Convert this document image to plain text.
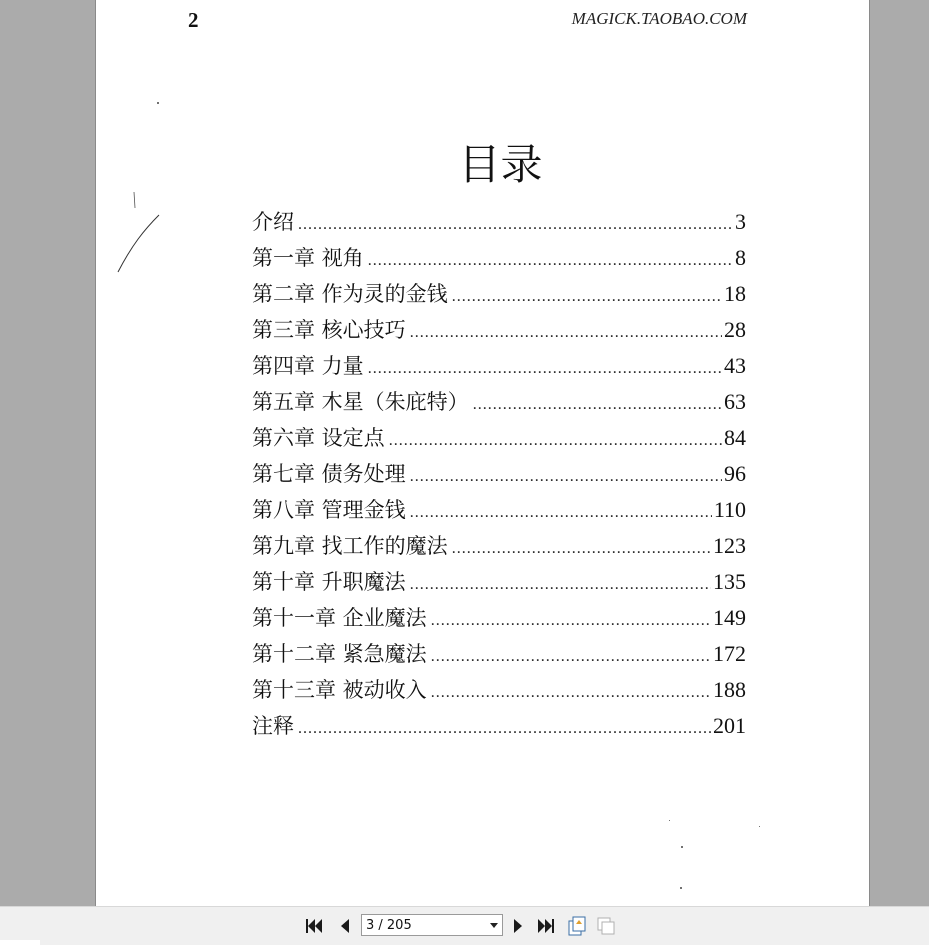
2	MAGICK.TAOBAO.COM
目录
介绍 .....	3
第一章 视角 .....	8
第二章 作为灵的金钱 .....	18
第三章 核心技巧 .....	28
第四章 力量 .....	43
第五章 木星（朱庇特） .....	63
第六章 设定点 .....	84
第七章 债务处理 .....	96
第八章 管理金钱 .....	110
第九章 找工作的魔法 .....	123
第十章 升职魔法 .....	135
第十一章 企业魔法 .....	149
第十二章 紧急魔法 .....	172
第十三章 被动收入 .....	188
注释 .....	201
3 / 205
